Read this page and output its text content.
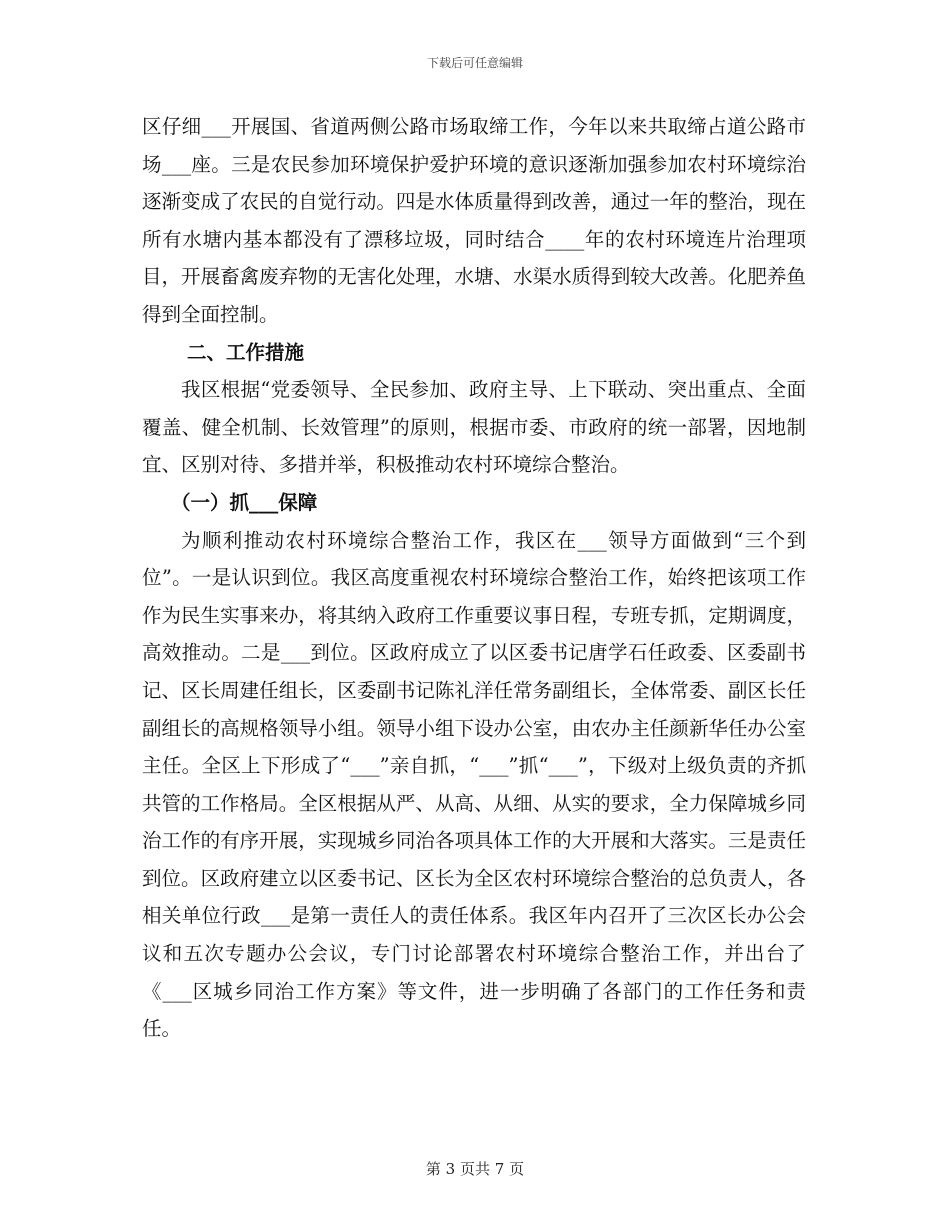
下载后可任意编辑

区仔细___开展国、省道两侧公路市场取缔工作，今年以来共取缔占道公路市场___座。三是农民参加环境保护爱护环境的意识逐渐加强参加农村环境综治逐渐变成了农民的自觉行动。四是水体质量得到改善，通过一年的整治，现在所有水塘内基本都没有了漂移垃圾，同时结合____年的农村环境连片治理项目，开展畜禽废弃物的无害化处理，水塘、水渠水质得到较大改善。化肥养鱼得到全面控制。

二、工作措施

我区根据“党委领导、全民参加、政府主导、上下联动、突出重点、全面覆盖、健全机制、长效管理”的原则，根据市委、市政府的统一部署，因地制宜、区别对待、多措并举，积极推动农村环境综合整治。

（一）抓___保障

为顺利推动农村环境综合整治工作，我区在___领导方面做到“三个到位”。一是认识到位。我区高度重视农村环境综合整治工作，始终把该项工作作为民生实事来办，将其纳入政府工作重要议事日程，专班专抓，定期调度，高效推动。二是___到位。区政府成立了以区委书记唐学石任政委、区委副书记、区长周建任组长，区委副书记陈礼洋任常务副组长，全体常委、副区长任副组长的高规格领导小组。领导小组下设办公室，由农办主任颜新华任办公室主任。全区上下形成了“___”亲自抓，“___”抓“___”，下级对上级负责的齐抓共管的工作格局。全区根据从严、从高、从细、从实的要求，全力保障城乡同治工作的有序开展，实现城乡同治各项具体工作的大开展和大落实。三是责任到位。区政府建立以区委书记、区长为全区农村环境综合整治的总负责人，各相关单位行政___是第一责任人的责任体系。我区年内召开了三次区长办公会议和五次专题办公会议，专门讨论部署农村环境综合整治工作，并出台了《___区城乡同治工作方案》等文件，进一步明确了各部门的工作任务和责任。

第 3 页共 7 页
